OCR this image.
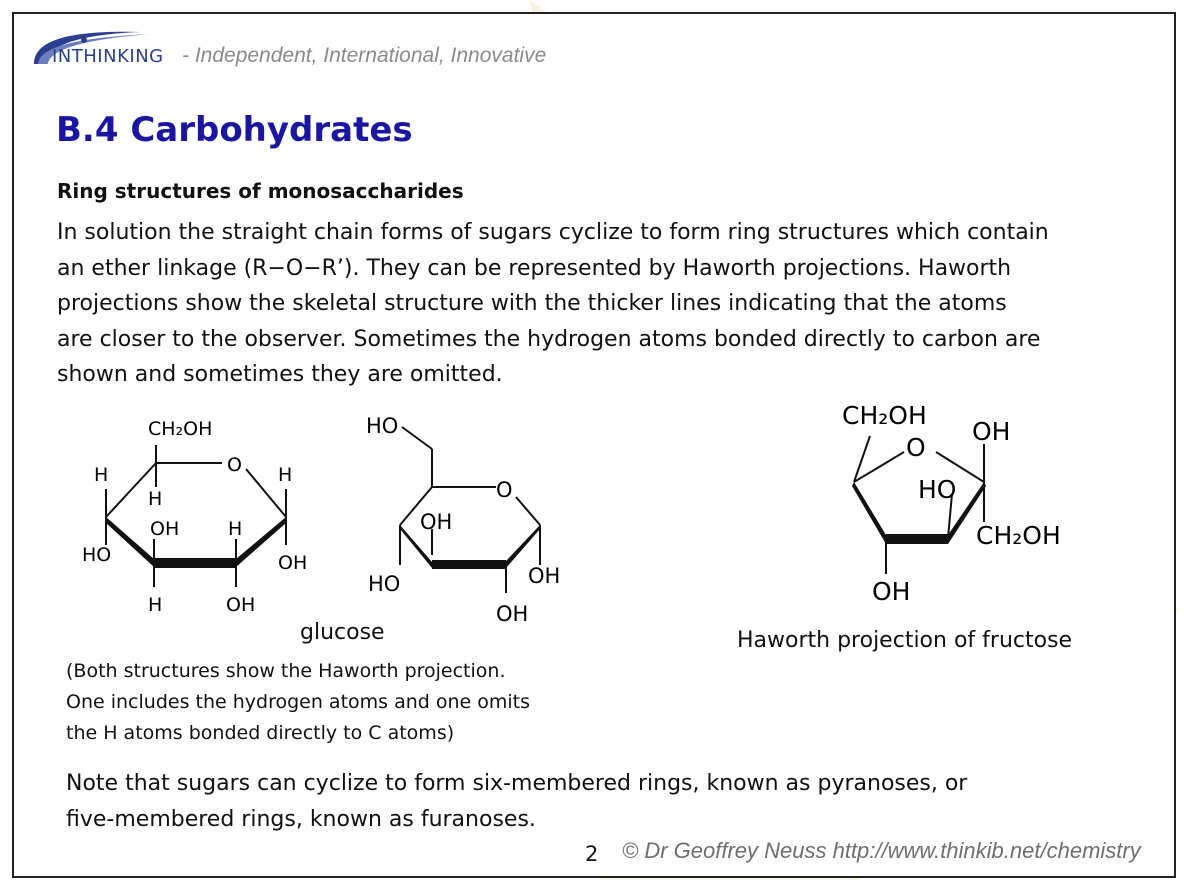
INTHINKING - Independent, International, Innovative
B.4 Carbohydrates
Ring structures of monosaccharides
In solution the straight chain forms of sugars cyclize to form ring structures which contain
an ether linkage (R−O−R’). They can be represented by Haworth projections. Haworth
projections show the skeletal structure with the thicker lines indicating that the atoms
are closer to the observer. Sometimes the hydrogen atoms bonded directly to carbon are
shown and sometimes they are omitted.
CH₂OH
O
H
H
H
HO
OH	H
OH
H	OH
HO
O
OH
HO	OH
OH
glucose
CH₂OH
O
OH
HO
CH₂OH
OH
Haworth projection of fructose
(Both structures show the Haworth projection.
One includes the hydrogen atoms and one omits
the H atoms bonded directly to C atoms)
Note that sugars can cyclize to form six-membered rings, known as pyranoses, or
five-membered rings, known as furanoses.
2 © Dr Geoffrey Neuss http://www.thinkib.net/chemistry
